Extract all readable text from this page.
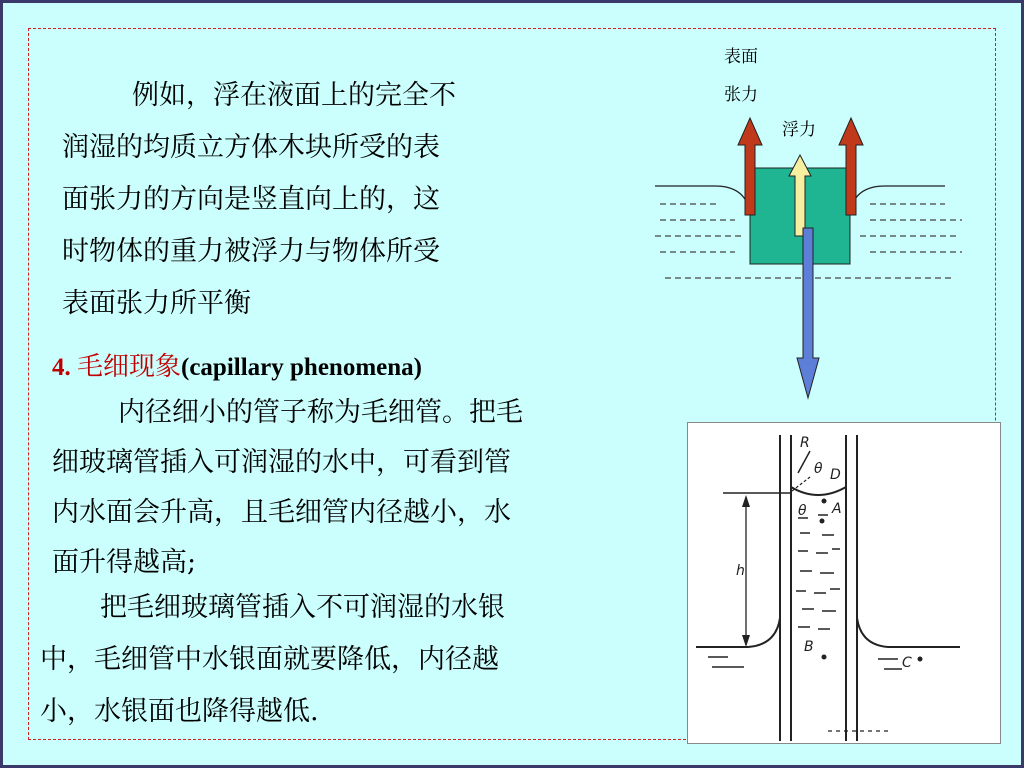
例如，浮在液面上的完全不
润湿的均质立方体木块所受的表
面张力的方向是竖直向上的，这
时物体的重力被浮力与物体所受
表面张力所平衡
表面
张力
浮力
4. 毛细现象(capillary phenomena)
内径细小的管子称为毛细管。把毛
细玻璃管插入可润湿的水中，可看到管
内水面会升高，且毛细管内径越小，水
面升得越高;
把毛细玻璃管插入不可润湿的水银
中，毛细管中水银面就要降低，内径越
小，水银面也降得越低.
R
θ D
θ A
h
B
C
